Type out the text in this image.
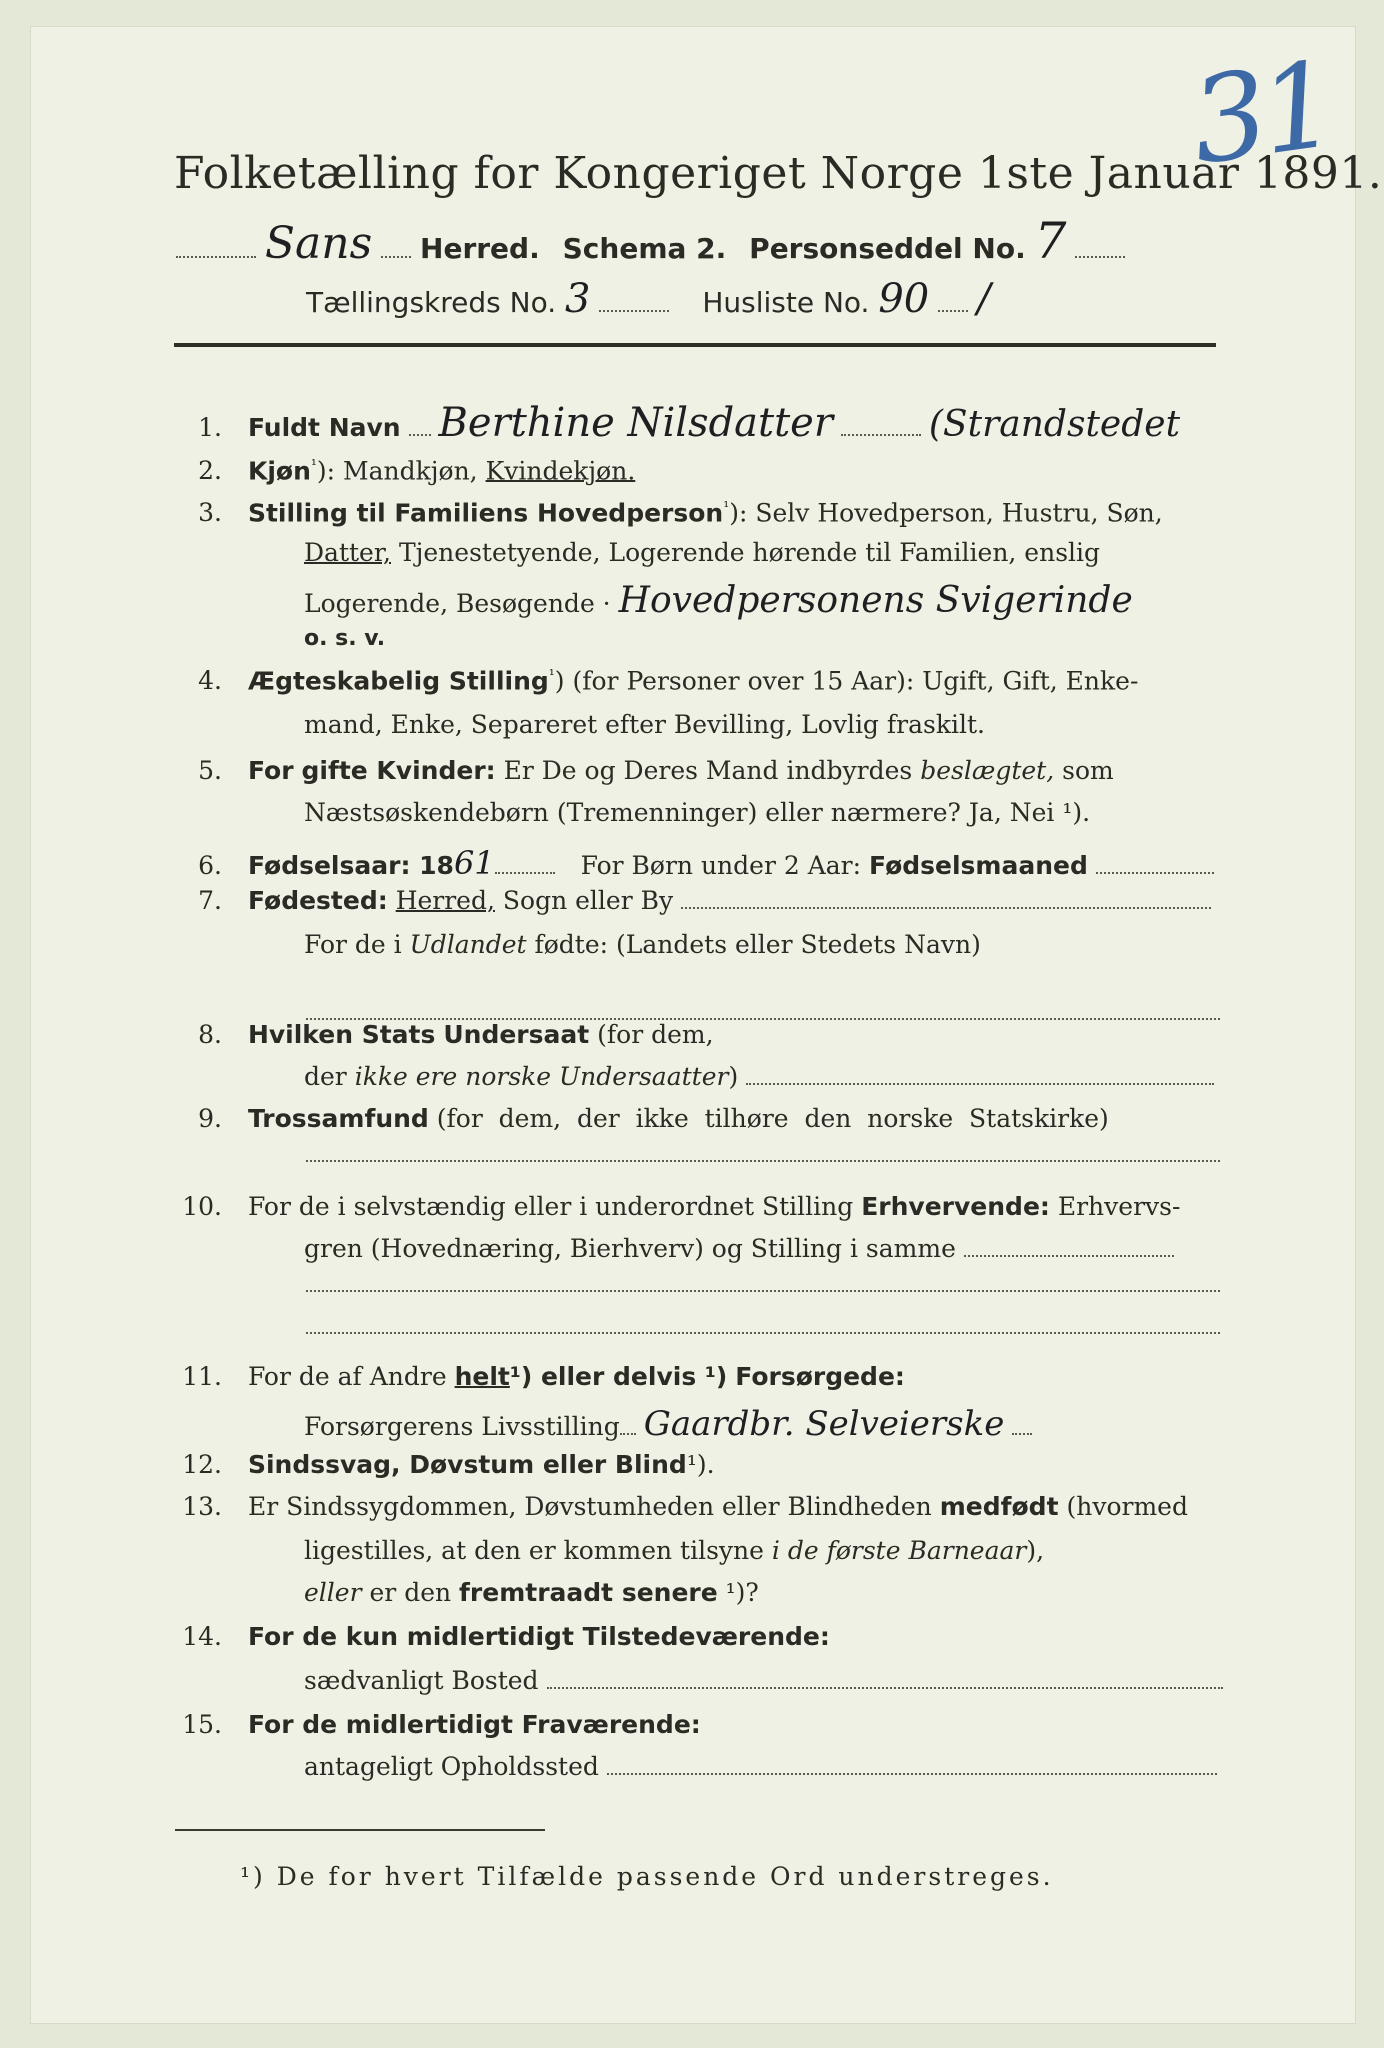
31
Folketælling for Kongeriget Norge 1ste Januar 1891.
Sans Herred. Schema 2. Personseddel No. 7
Tællingskreds No. 3	Husliste No. 90 /
1. Fuldt Navn Berthine Nilsdatter	(Strandstedet
2. Kjøn$^{^1}$): Mandkjøn, Kvindekjøn.
3. Stilling til Familiens Hovedperson$^{^1}$): Selv Hovedperson, Hustru, Søn,
Datter, Tjenestetyende, Logerende hørende til Familien, enslig
Logerende, Besøgende · Hovedpersonens Svigerinde
o. s. v.
4. Ægteskabelig Stilling$^{^1}$) (for Personer over 15 Aar): Ugift, Gift, Enke-
mand, Enke, Separeret efter Bevilling, Lovlig fraskilt.
5. For gifte Kvinder: Er De og Deres Mand indbyrdes beslægtet, som
Næstsøskendebørn (Tremenninger) eller nærmere? Ja, Nei ¹).
6. Fødselsaar: 1861	For Børn under 2 Aar: Fødselsmaaned
7. Fødested: Herred, Sogn eller By
For de i Udlandet fødte: (Landets eller Stedets Navn)
8. Hvilken Stats Undersaat (for dem,
der ikke ere norske Undersaatter)
9. Trossamfund (for  dem,  der  ikke  tilhøre  den  norske  Statskirke)
10. For de i selvstændig eller i underordnet Stilling Erhvervende: Erhvervs-
gren (Hovednæring, Bierhverv) og Stilling i samme
11. For de af Andre helt¹) eller delvis ¹) Forsørgede:
Forsørgerens Livsstilling Gaardbr. Selveierske
12. Sindssvag, Døvstum eller Blind¹).
13. Er Sindssygdommen, Døvstumheden eller Blindheden medfødt (hvormed
ligestilles, at den er kommen tilsyne i de første Barneaar),
eller er den fremtraadt senere ¹)?
14. For de kun midlertidigt Tilstedeværende:
sædvanligt Bosted
15. For de midlertidigt Fraværende:
antageligt Opholdssted
¹) De for hvert Tilfælde passende Ord understreges.
